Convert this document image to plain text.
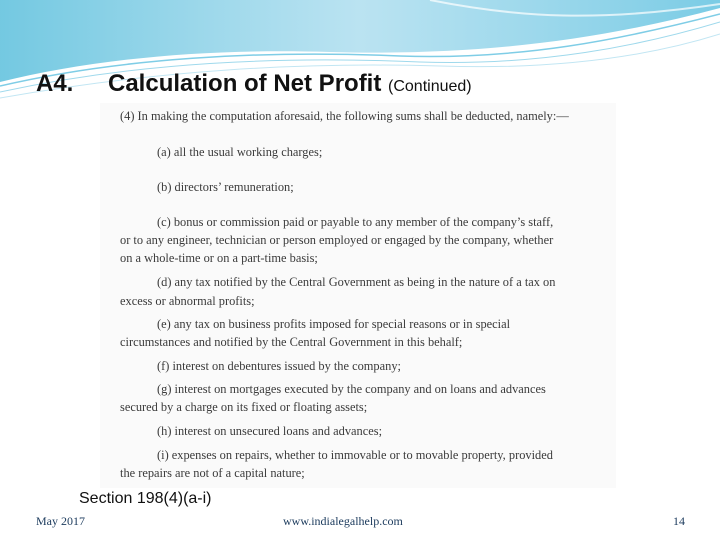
A4. Calculation of Net Profit (Continued)
(4) In making the computation aforesaid, the following sums shall be deducted, namely:—
(a) all the usual working charges;
(b) directors’ remuneration;
(c) bonus or commission paid or payable to any member of the company’s staff,
or to any engineer, technician or person employed or engaged by the company, whether
on a whole-time or on a part-time basis;
(d) any tax notified by the Central Government as being in the nature of a tax on
excess or abnormal profits;
(e) any tax on business profits imposed for special reasons or in special
circumstances and notified by the Central Government in this behalf;
(f) interest on debentures issued by the company;
(g) interest on mortgages executed by the company and on loans and advances
secured by a charge on its fixed or floating assets;
(h) interest on unsecured loans and advances;
(i) expenses on repairs, whether to immovable or to movable property, provided
the repairs are not of a capital nature;
Section 198(4)(a-i)
May 2017	www.indialegalhelp.com	14
